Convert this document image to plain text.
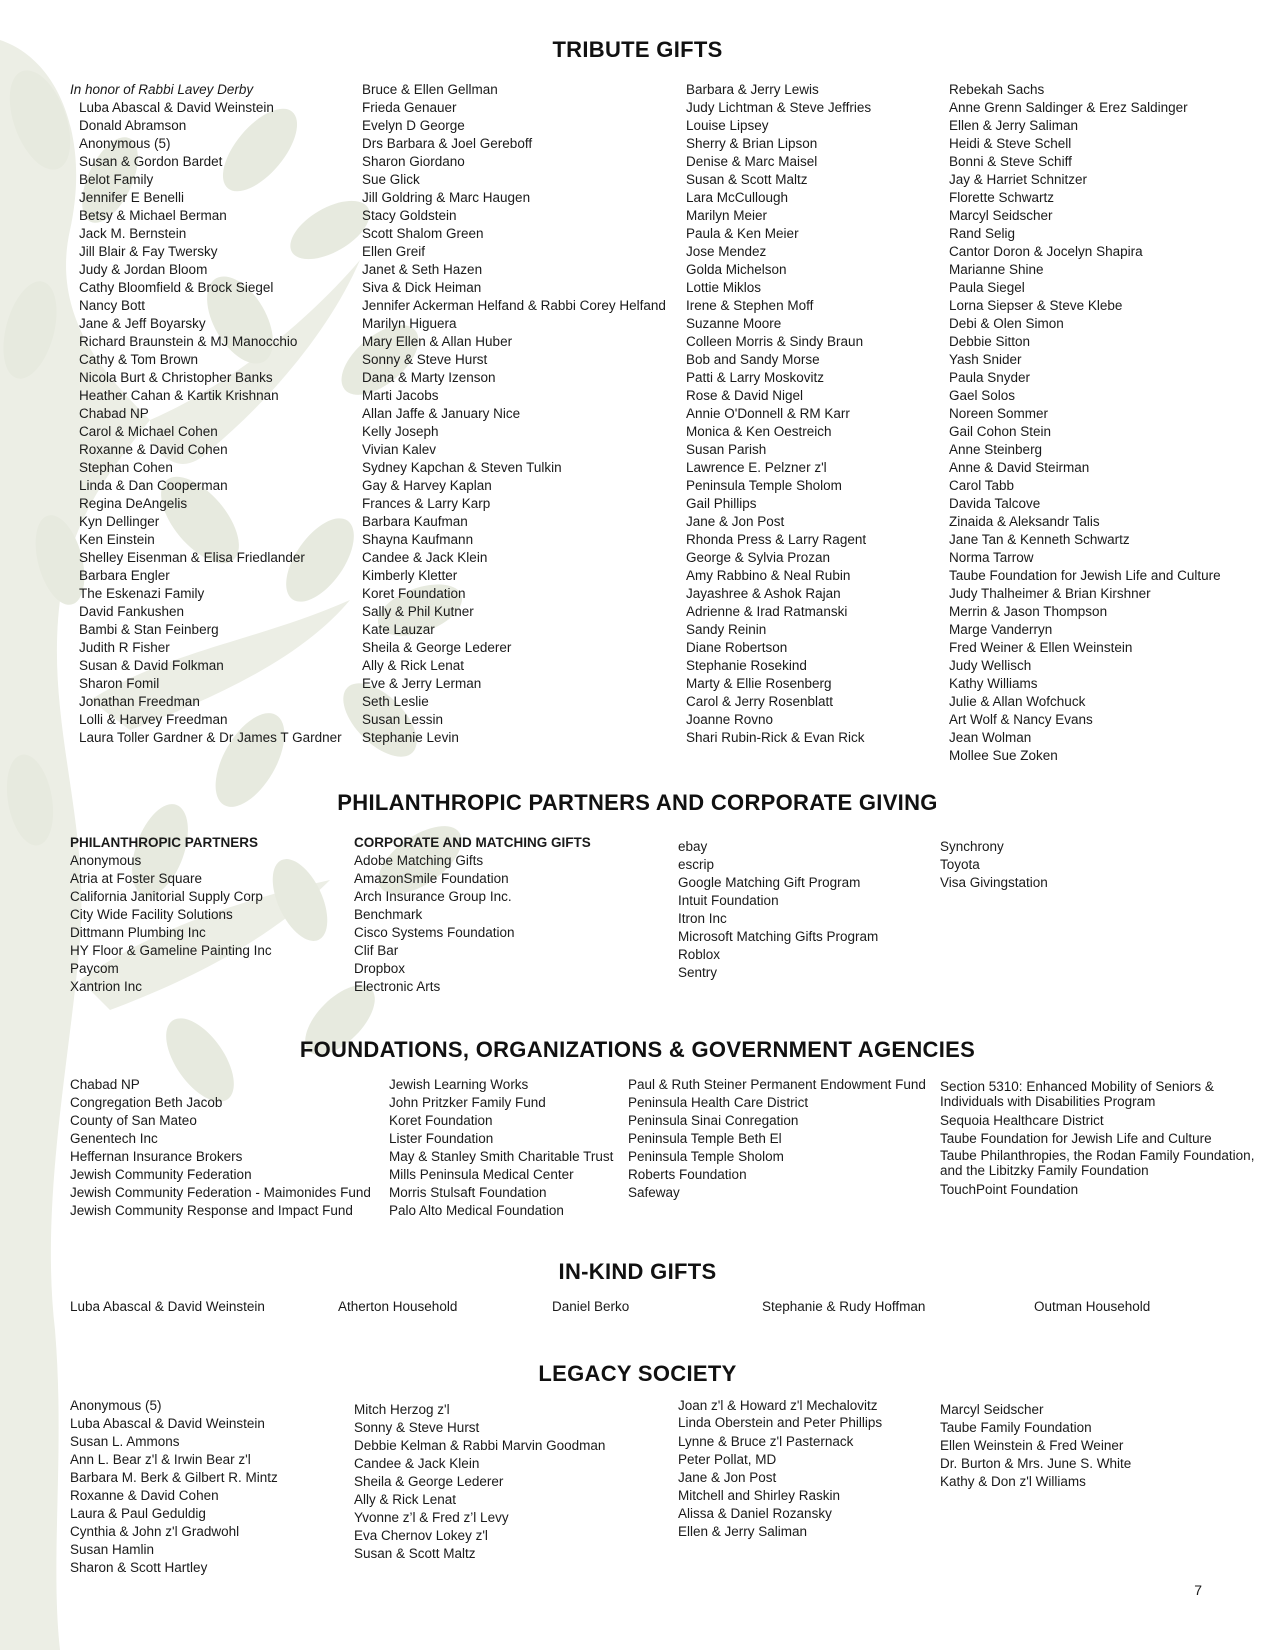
TRIBUTE GIFTS
In honor of Rabbi Lavey Derby
Luba Abascal & David Weinstein
Donald Abramson
Anonymous (5)
Susan & Gordon Bardet
Belot Family
Jennifer E Benelli
Betsy & Michael Berman
Jack M. Bernstein
Jill Blair & Fay Twersky
Judy & Jordan Bloom
Cathy Bloomfield & Brock Siegel
Nancy Bott
Jane & Jeff Boyarsky
Richard Braunstein & MJ Manocchio
Cathy & Tom Brown
Nicola Burt & Christopher Banks
Heather Cahan & Kartik Krishnan
Chabad NP
Carol & Michael Cohen
Roxanne & David Cohen
Stephan Cohen
Linda & Dan Cooperman
Regina DeAngelis
Kyn Dellinger
Ken Einstein
Shelley Eisenman & Elisa Friedlander
Barbara Engler
The Eskenazi Family
David Fankushen
Bambi & Stan Feinberg
Judith R Fisher
Susan & David Folkman
Sharon Fomil
Jonathan Freedman
Lolli & Harvey Freedman
Laura Toller Gardner & Dr James T Gardner
Bruce & Ellen Gellman
Frieda Genauer
Evelyn D George
Drs Barbara & Joel Gereboff
Sharon Giordano
Sue Glick
Jill Goldring & Marc Haugen
Stacy Goldstein
Scott Shalom Green
Ellen Greif
Janet & Seth Hazen
Siva & Dick Heiman
Jennifer Ackerman Helfand & Rabbi Corey Helfand
Marilyn Higuera
Mary Ellen & Allan Huber
Sonny & Steve Hurst
Dana & Marty Izenson
Marti Jacobs
Allan Jaffe & January Nice
Kelly Joseph
Vivian Kalev
Sydney Kapchan & Steven Tulkin
Gay & Harvey Kaplan
Frances & Larry Karp
Barbara Kaufman
Shayna Kaufmann
Candee & Jack Klein
Kimberly Kletter
Koret Foundation
Sally & Phil Kutner
Kate Lauzar
Sheila & George Lederer
Ally & Rick Lenat
Eve & Jerry Lerman
Seth Leslie
Susan Lessin
Stephanie Levin
Barbara & Jerry Lewis
Judy Lichtman & Steve Jeffries
Louise Lipsey
Sherry & Brian Lipson
Denise & Marc Maisel
Susan & Scott Maltz
Lara McCullough
Marilyn Meier
Paula & Ken Meier
Jose Mendez
Golda Michelson
Lottie Miklos
Irene & Stephen Moff
Suzanne Moore
Colleen Morris & Sindy Braun
Bob and Sandy Morse
Patti & Larry Moskovitz
Rose & David Nigel
Annie O'Donnell & RM Karr
Monica & Ken Oestreich
Susan Parish
Lawrence E. Pelzner z'l
Peninsula Temple Sholom
Gail Phillips
Jane & Jon Post
Rhonda Press & Larry Ragent
George & Sylvia Prozan
Amy Rabbino & Neal Rubin
Jayashree & Ashok Rajan
Adrienne & Irad Ratmanski
Sandy Reinin
Diane Robertson
Stephanie Rosekind
Marty & Ellie Rosenberg
Carol & Jerry Rosenblatt
Joanne Rovno
Shari Rubin-Rick & Evan Rick
Rebekah Sachs
Anne Grenn Saldinger & Erez Saldinger
Ellen & Jerry Saliman
Heidi & Steve Schell
Bonni & Steve Schiff
Jay & Harriet Schnitzer
Florette Schwartz
Marcyl Seidscher
Rand Selig
Cantor Doron & Jocelyn Shapira
Marianne Shine
Paula Siegel
Lorna Siepser & Steve Klebe
Debi & Olen Simon
Debbie Sitton
Yash Snider
Paula Snyder
Gael Solos
Noreen Sommer
Gail Cohon Stein
Anne Steinberg
Anne & David Steirman
Carol Tabb
Davida Talcove
Zinaida & Aleksandr Talis
Jane Tan & Kenneth Schwartz
Norma Tarrow
Taube Foundation for Jewish Life and Culture
Judy Thalheimer & Brian Kirshner
Merrin & Jason Thompson
Marge Vanderryn
Fred Weiner & Ellen Weinstein
Judy Wellisch
Kathy Williams
Julie & Allan Wofchuck
Art Wolf & Nancy Evans
Jean Wolman
Mollee Sue Zoken
PHILANTHROPIC PARTNERS AND CORPORATE GIVING
PHILANTHROPIC PARTNERS
Anonymous
Atria at Foster Square
California Janitorial Supply Corp
City Wide Facility Solutions
Dittmann Plumbing Inc
HY Floor & Gameline Painting Inc
Paycom
Xantrion Inc
CORPORATE AND MATCHING GIFTS
Adobe Matching Gifts
AmazonSmile Foundation
Arch Insurance Group Inc.
Benchmark
Cisco Systems Foundation
Clif Bar
Dropbox
Electronic Arts
ebay
escrip
Google Matching Gift Program
Intuit Foundation
Itron Inc
Microsoft Matching Gifts Program
Roblox
Sentry
Synchrony
Toyota
Visa Givingstation
FOUNDATIONS, ORGANIZATIONS & GOVERNMENT AGENCIES
Chabad NP
Congregation Beth Jacob
County of San Mateo
Genentech Inc
Heffernan Insurance Brokers
Jewish Community Federation
Jewish Community Federation - Maimonides Fund
Jewish Community Response and Impact Fund
Jewish Learning Works
John Pritzker Family Fund
Koret Foundation
Lister Foundation
May & Stanley Smith Charitable Trust
Mills Peninsula Medical Center
Morris Stulsaft Foundation
Palo Alto Medical Foundation
Paul & Ruth Steiner Permanent Endowment Fund
Peninsula Health Care District
Peninsula Sinai Conregation
Peninsula Temple Beth El
Peninsula Temple Sholom
Roberts Foundation
Safeway
Section 5310: Enhanced Mobility of Seniors & Individuals with Disabilities Program
Sequoia Healthcare District
Taube Foundation for Jewish Life and Culture
Taube Philanthropies, the Rodan Family Foundation, and the Libitzky Family Foundation
TouchPoint Foundation
IN-KIND GIFTS
Luba Abascal & David Weinstein	Atherton Household	Daniel Berko	Stephanie & Rudy Hoffman	Outman Household
LEGACY SOCIETY
Anonymous (5)
Luba Abascal & David Weinstein
Susan L. Ammons
Ann L. Bear z'l & Irwin Bear z'l
Barbara M. Berk & Gilbert R. Mintz
Roxanne & David Cohen
Laura & Paul Geduldig
Cynthia & John z'l Gradwohl
Susan Hamlin
Sharon & Scott Hartley
Mitch Herzog z'l
Sonny & Steve Hurst
Debbie Kelman & Rabbi Marvin Goodman
Candee & Jack Klein
Sheila & George Lederer
Ally & Rick Lenat
Yvonne z’l & Fred z’l Levy
Eva Chernov Lokey z'l
Susan & Scott Maltz
Joan z'l & Howard z'l Mechalovitz
Linda Oberstein and Peter Phillips
Lynne & Bruce z'l Pasternack
Peter Pollat, MD
Jane & Jon Post
Mitchell and Shirley Raskin
Alissa & Daniel Rozansky
Ellen & Jerry Saliman
Marcyl Seidscher
Taube Family Foundation
Ellen Weinstein & Fred Weiner
Dr. Burton & Mrs. June S. White
Kathy & Don z'l Williams
7
